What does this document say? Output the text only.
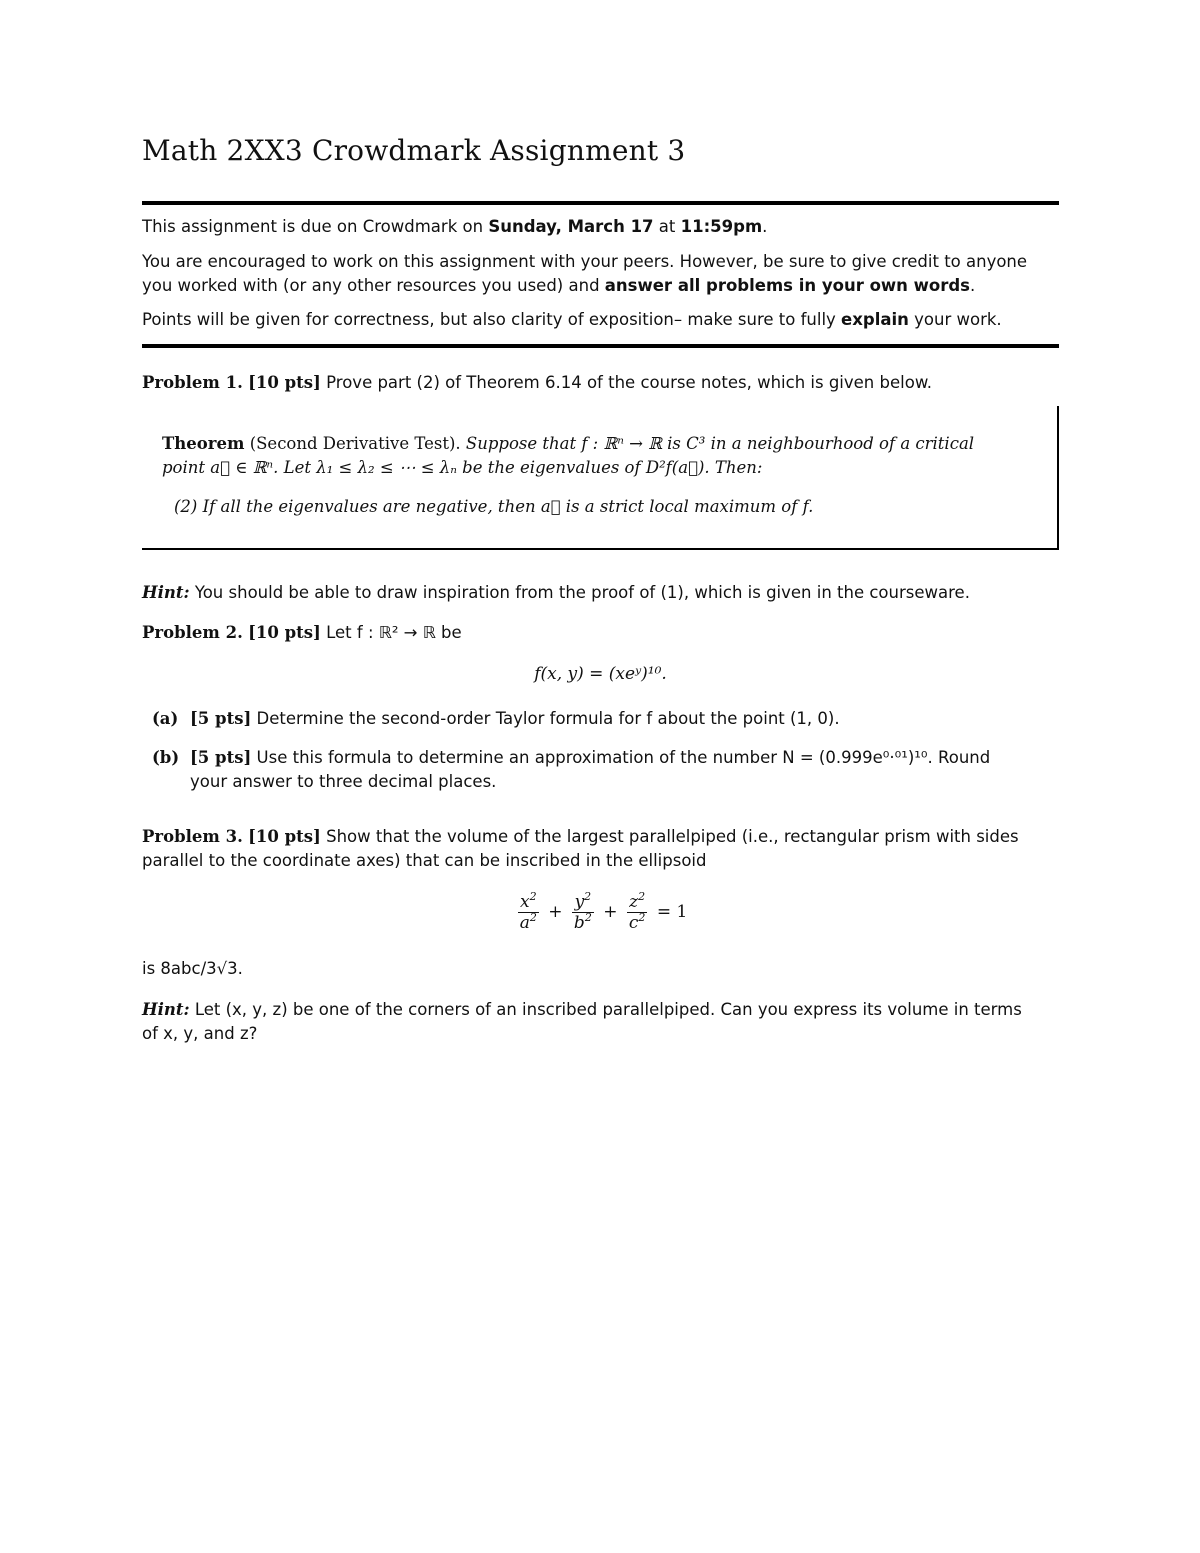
Math 2XX3 Crowdmark Assignment 3
This assignment is due on Crowdmark on Sunday, March 17 at 11:59pm.
You are encouraged to work on this assignment with your peers. However, be sure to give credit to anyone
you worked with (or any other resources you used) and answer all problems in your own words.
Points will be given for correctness, but also clarity of exposition– make sure to fully explain your work.
Problem 1. [10 pts] Prove part (2) of Theorem 6.14 of the course notes, which is given below.
Theorem (Second Derivative Test). Suppose that f : ℝⁿ → ℝ is C³ in a neighbourhood of a critical
point a⃗ ∈ ℝⁿ. Let λ₁ ≤ λ₂ ≤ ⋯ ≤ λₙ be the eigenvalues of D²f(a⃗). Then:
(2) If all the eigenvalues are negative, then a⃗ is a strict local maximum of f.
Hint: You should be able to draw inspiration from the proof of (1), which is given in the courseware.
Problem 2. [10 pts] Let f : ℝ² → ℝ be
f(x, y) = (xeʸ)¹⁰.
(a) [5 pts] Determine the second-order Taylor formula for f about the point (1, 0).
(b) [5 pts] Use this formula to determine an approximation of the number N = (0.999e⁰·⁰¹)¹⁰. Round
your answer to three decimal places.
Problem 3. [10 pts] Show that the volume of the largest parallelpiped (i.e., rectangular prism with sides
parallel to the coordinate axes) that can be inscribed in the ellipsoid
$\frac{x^2}{a^2} + \frac{y^2}{b^2} + \frac{z^2}{c^2} = 1$
is 8abc/3√3.
Hint: Let (x, y, z) be one of the corners of an inscribed parallelpiped. Can you express its volume in terms
of x, y, and z?
